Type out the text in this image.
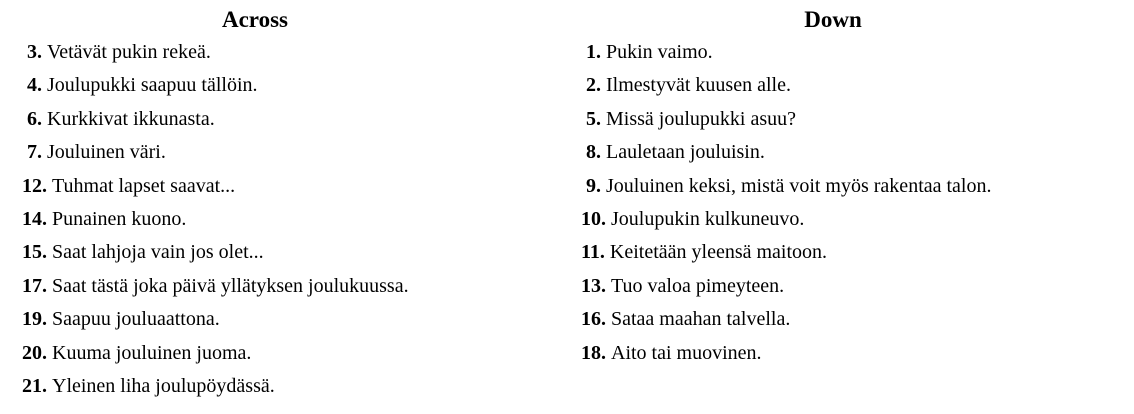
Across
3. Vetävät pukin rekeä.
4. Joulupukki saapuu tällöin.
6. Kurkkivat ikkunasta.
7. Jouluinen väri.
12. Tuhmat lapset saavat...
14. Punainen kuono.
15. Saat lahjoja vain jos olet...
17. Saat tästä joka päivä yllätyksen joulukuussa.
19. Saapuu jouluaattona.
20. Kuuma jouluinen juoma.
21. Yleinen liha joulupöydässä.
Down
1. Pukin vaimo.
2. Ilmestyvät kuusen alle.
5. Missä joulupukki asuu?
8. Lauletaan jouluisin.
9. Jouluinen keksi, mistä voit myös rakentaa talon.
10. Joulupukin kulkuneuvo.
11. Keitetään yleensä maitoon.
13. Tuo valoa pimeyteen.
16. Sataa maahan talvella.
18. Aito tai muovinen.
